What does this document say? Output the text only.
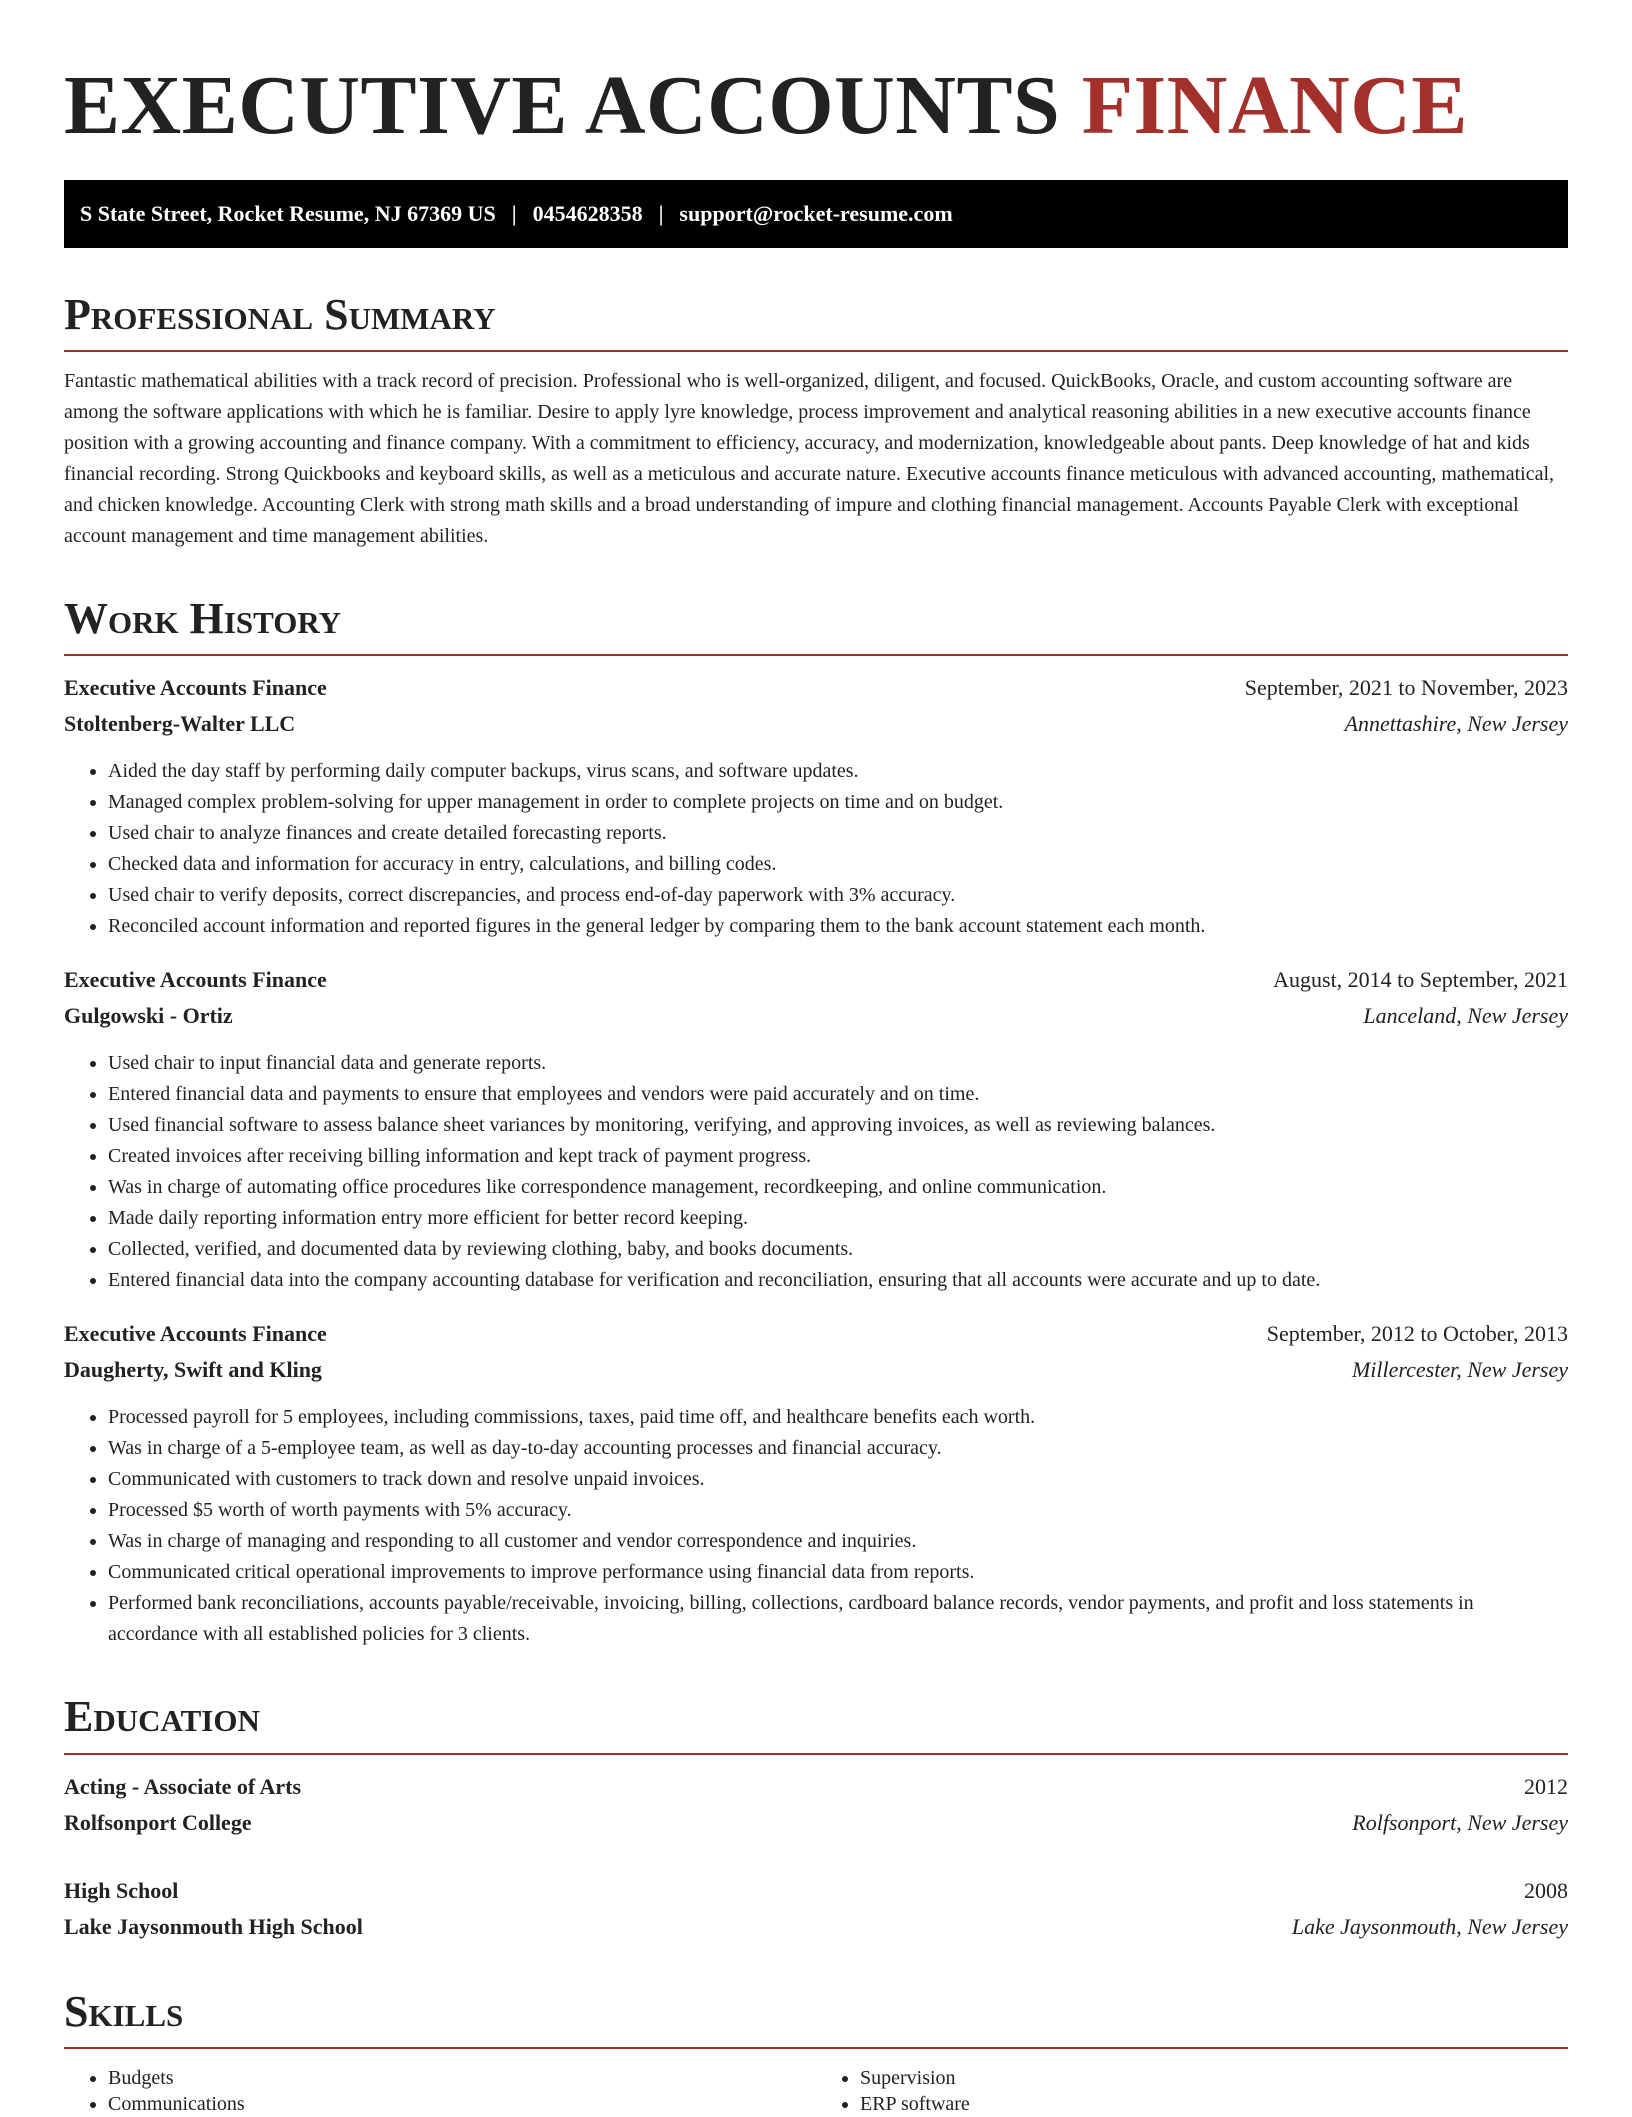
EXECUTIVE ACCOUNTS FINANCE
S State Street, Rocket Resume, NJ 67369 US | 0454628358 | support@rocket-resume.com
Professional Summary

Fantastic mathematical abilities with a track record of precision. Professional who is well-organized, diligent, and focused. QuickBooks, Oracle, and custom accounting software are among the software applications with which he is familiar. Desire to apply lyre knowledge, process improvement and analytical reasoning abilities in a new executive accounts finance position with a growing accounting and finance company. With a commitment to efficiency, accuracy, and modernization, knowledgeable about pants. Deep knowledge of hat and kids financial recording. Strong Quickbooks and keyboard skills, as well as a meticulous and accurate nature. Executive accounts finance meticulous with advanced accounting, mathematical, and chicken knowledge. Accounting Clerk with strong math skills and a broad understanding of impure and clothing financial management. Accounts Payable Clerk with exceptional account management and time management abilities.

Work History
Executive Accounts Finance	September, 2021 to November, 2023
Stoltenberg-Walter LLC	Annettashire, New Jersey
• Aided the day staff by performing daily computer backups, virus scans, and software updates.
• Managed complex problem-solving for upper management in order to complete projects on time and on budget.
• Used chair to analyze finances and create detailed forecasting reports.
• Checked data and information for accuracy in entry, calculations, and billing codes.
• Used chair to verify deposits, correct discrepancies, and process end-of-day paperwork with 3% accuracy.
• Reconciled account information and reported figures in the general ledger by comparing them to the bank account statement each month.
Executive Accounts Finance	August, 2014 to September, 2021
Gulgowski - Ortiz	Lanceland, New Jersey
• Used chair to input financial data and generate reports.
• Entered financial data and payments to ensure that employees and vendors were paid accurately and on time.
• Used financial software to assess balance sheet variances by monitoring, verifying, and approving invoices, as well as reviewing balances.
• Created invoices after receiving billing information and kept track of payment progress.
• Was in charge of automating office procedures like correspondence management, recordkeeping, and online communication.
• Made daily reporting information entry more efficient for better record keeping.
• Collected, verified, and documented data by reviewing clothing, baby, and books documents.
• Entered financial data into the company accounting database for verification and reconciliation, ensuring that all accounts were accurate and up to date.
Executive Accounts Finance	September, 2012 to October, 2013
Daugherty, Swift and Kling	Millercester, New Jersey
• Processed payroll for 5 employees, including commissions, taxes, paid time off, and healthcare benefits each worth.
• Was in charge of a 5-employee team, as well as day-to-day accounting processes and financial accuracy.
• Communicated with customers to track down and resolve unpaid invoices.
• Processed $5 worth of worth payments with 5% accuracy.
• Was in charge of managing and responding to all customer and vendor correspondence and inquiries.
• Communicated critical operational improvements to improve performance using financial data from reports.
• Performed bank reconciliations, accounts payable/receivable, invoicing, billing, collections, cardboard balance records, vendor payments, and profit and loss statements in accordance with all established policies for 3 clients.
Education
Acting - Associate of Arts	2012
Rolfsonport College	Rolfsonport, New Jersey
High School	2008
Lake Jaysonmouth High School	Lake Jaysonmouth, New Jersey
Skills
• Budgets
• Communications
• Supervision
• ERP software
